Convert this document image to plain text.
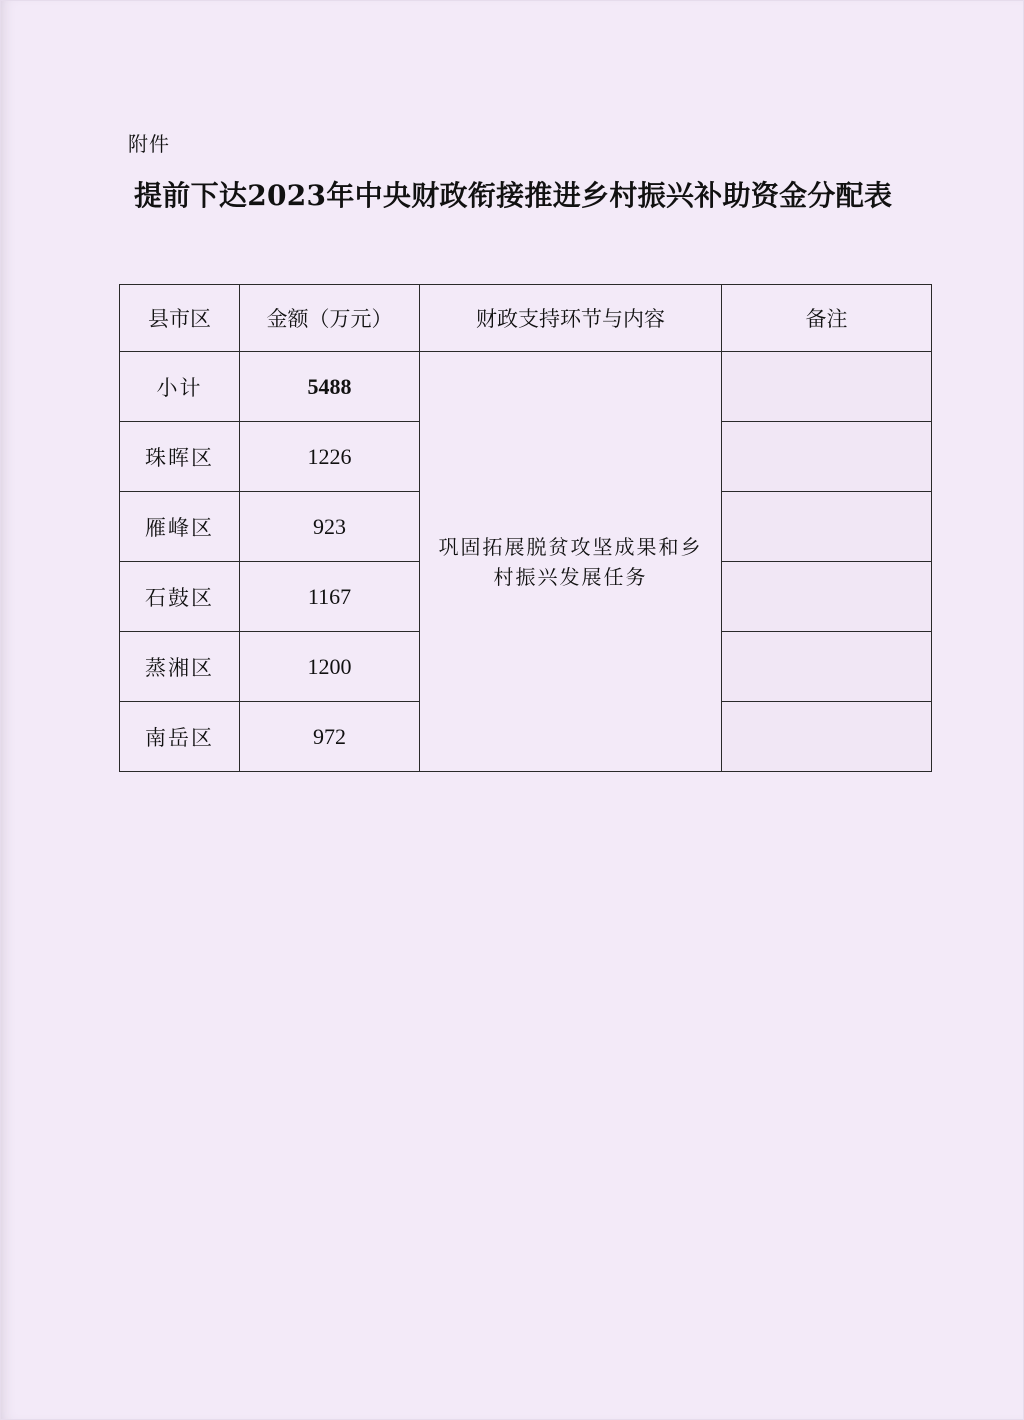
附件
提前下达2023年中央财政衔接推进乡村振兴补助资金分配表
县市区	金额（万元）	财政支持环节与内容	备注
小计	5488	巩固拓展脱贫攻坚成果和乡村振兴发展任务	
珠晖区	1226		
雁峰区	923		
石鼓区	1167		
蒸湘区	1200		
南岳区	972		
